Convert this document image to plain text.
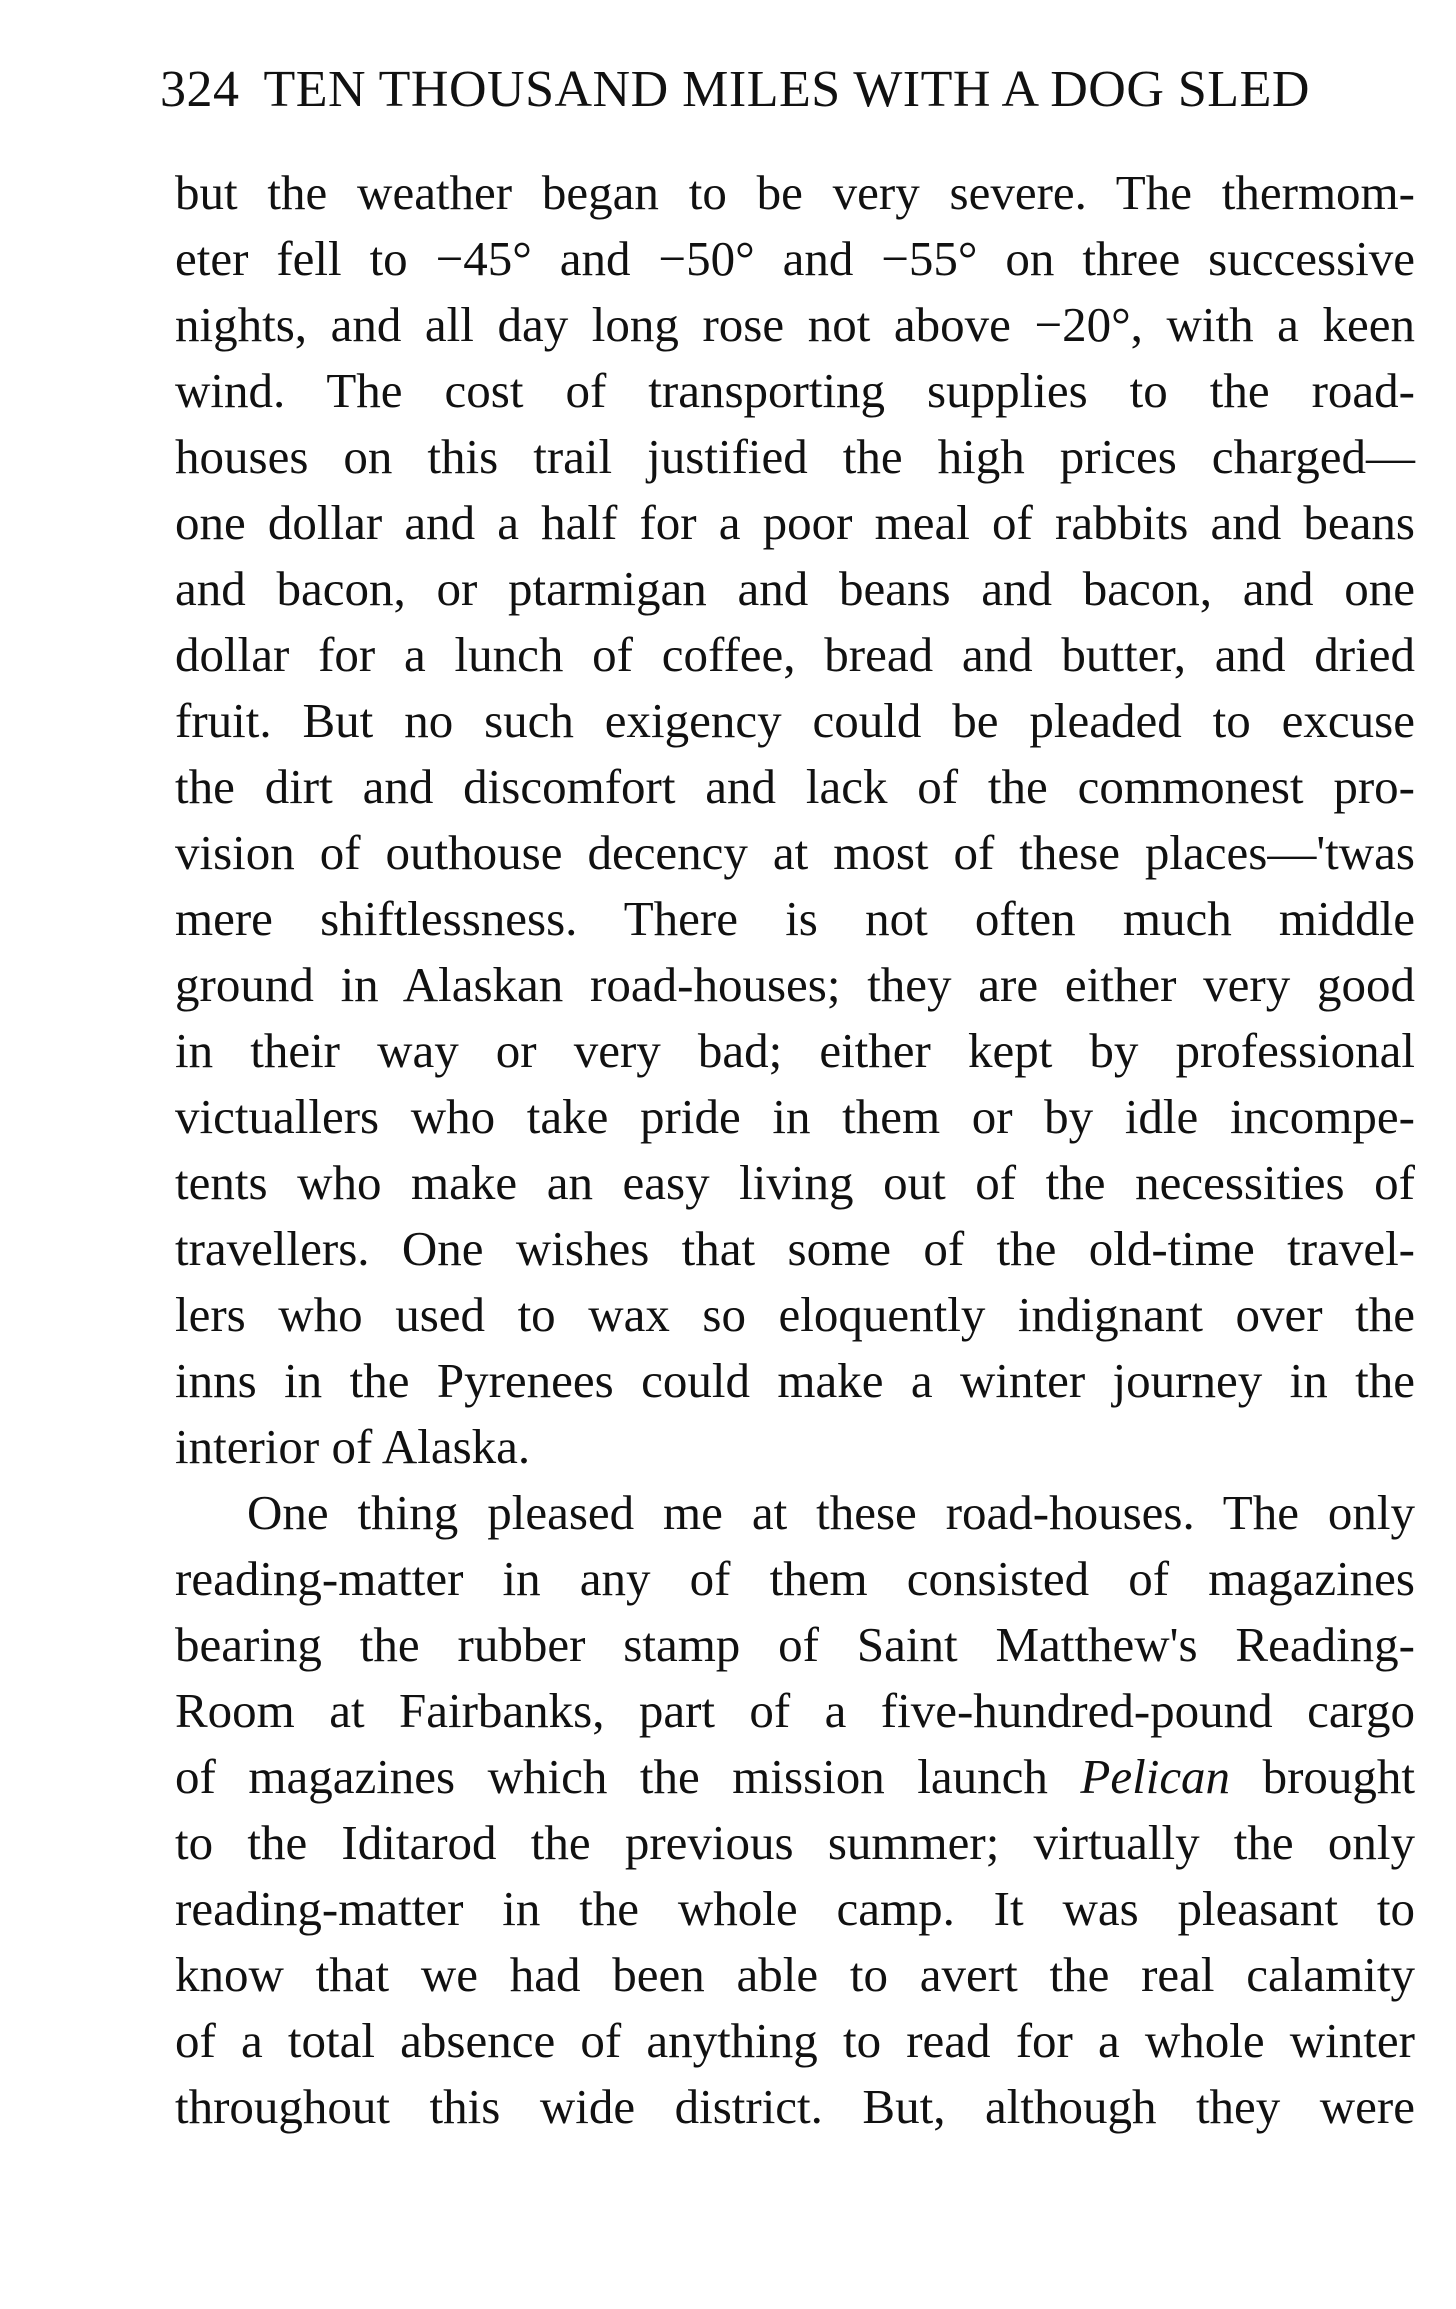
324 TEN THOUSAND MILES WITH A DOG SLED
but the weather began to be very severe. The thermom-
eter fell to −45° and −50° and −55° on three successive
nights, and all day long rose not above −20°, with a keen
wind. The cost of transporting supplies to the road-
houses on this trail justified the high prices charged—
one dollar and a half for a poor meal of rabbits and beans
and bacon, or ptarmigan and beans and bacon, and one
dollar for a lunch of coffee, bread and butter, and dried
fruit. But no such exigency could be pleaded to excuse
the dirt and discomfort and lack of the commonest pro-
vision of outhouse decency at most of these places—'twas
mere shiftlessness. There is not often much middle
ground in Alaskan road-houses; they are either very good
in their way or very bad; either kept by professional
victuallers who take pride in them or by idle incompe-
tents who make an easy living out of the necessities of
travellers. One wishes that some of the old-time travel-
lers who used to wax so eloquently indignant over the
inns in the Pyrenees could make a winter journey in the
interior of Alaska.
One thing pleased me at these road-houses. The only
reading-matter in any of them consisted of magazines
bearing the rubber stamp of Saint Matthew's Reading-
Room at Fairbanks, part of a five-hundred-pound cargo
of magazines which the mission launch Pelican brought
to the Iditarod the previous summer; virtually the only
reading-matter in the whole camp. It was pleasant to
know that we had been able to avert the real calamity
of a total absence of anything to read for a whole winter
throughout this wide district. But, although they were
